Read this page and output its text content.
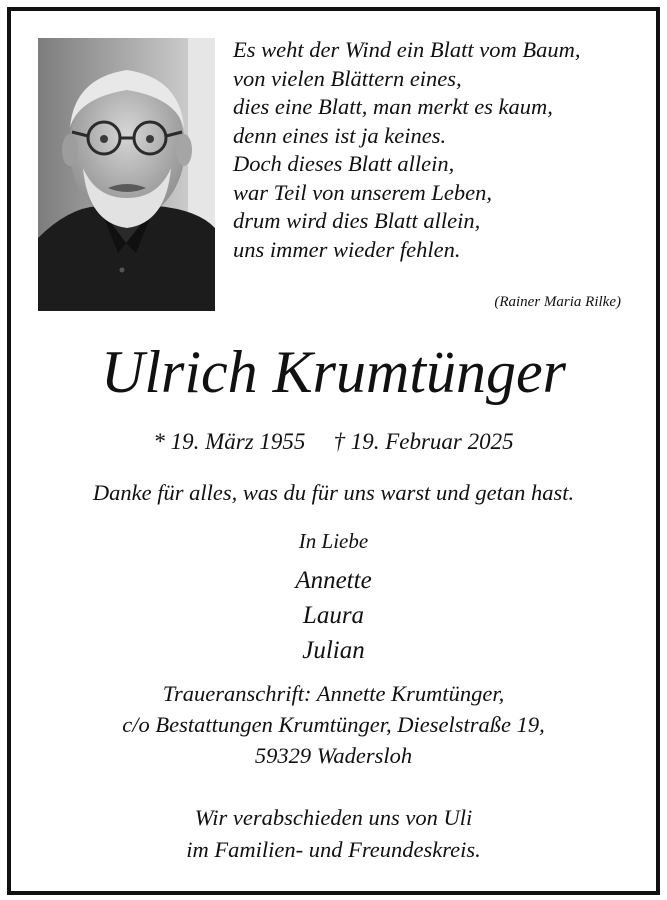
Es weht der Wind ein Blatt vom Baum,
von vielen Blättern eines,
dies eine Blatt, man merkt es kaum,
denn eines ist ja keines.
Doch dieses Blatt allein,
war Teil von unserem Leben,
drum wird dies Blatt allein,
uns immer wieder fehlen.
(Rainer Maria Rilke)
Ulrich Krumtünger
* 19. März 1955 † 19. Februar 2025
Danke für alles, was du für uns warst und getan hast.
In Liebe
Annette
Laura
Julian
Traueranschrift: Annette Krumtünger,
c/o Bestattungen Krumtünger, Dieselstraße 19,
59329 Wadersloh
Wir verabschieden uns von Uli
im Familien- und Freundeskreis.
